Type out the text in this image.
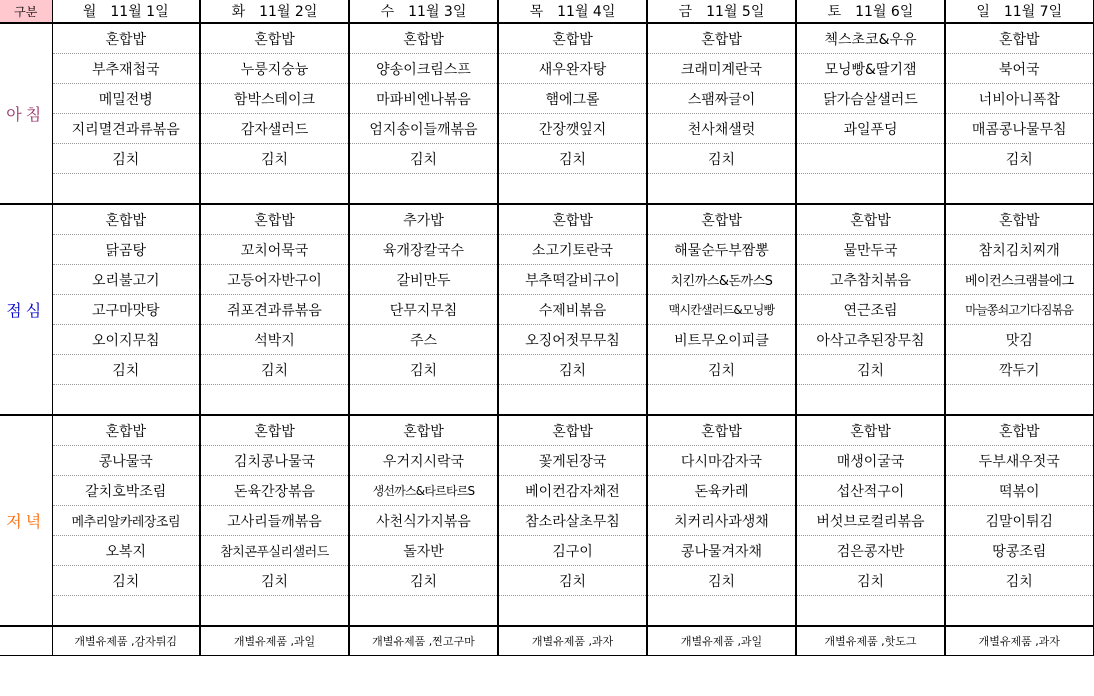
구분	월 11월 1일	화 11월 2일	수 11월 3일	목 11월 4일	금 11월 5일	토 11월 6일	일 11월 7일
아침	혼합밥	혼합밥	혼합밥	혼합밥	혼합밥	첵스초코&우유	혼합밥
	부추재첩국	누룽지숭늉	양송이크림스프	새우완자탕	크래미계란국	모닝빵&딸기잼	북어국
	메밀전병	함박스테이크	마파비엔나볶음	햄에그롤	스팸짜글이	닭가슴살샐러드	너비아니폭찹
	지리멸견과류볶음	감자샐러드	엄지송이들깨볶음	간장깻잎지	천사채샐럿	과일푸딩	매콤콩나물무침
	김치	김치	김치	김치	김치		김치

점심	혼합밥	혼합밥	추가밥	혼합밥	혼합밥	혼합밥	혼합밥
	닭곰탕	꼬치어묵국	육개장칼국수	소고기토란국	해물순두부짬뽕	물만두국	참치김치찌개
	오리불고기	고등어자반구이	갈비만두	부추떡갈비구이	치킨까스&돈까스S	고추참치볶음	베이컨스크램블에그
	고구마맛탕	쥐포견과류볶음	단무지무침	수제비볶음	맥시칸샐러드&모닝빵	연근조림	마늘쫑쇠고기다짐볶음
	오이지무침	석박지	주스	오징어젓무무침	비트무오이피클	아삭고추된장무침	맛김
	김치	김치	김치	김치	김치	김치	깍두기

저녁	혼합밥	혼합밥	혼합밥	혼합밥	혼합밥	혼합밥	혼합밥
	콩나물국	김치콩나물국	우거지시락국	꽃게된장국	다시마감자국	매생이굴국	두부새우젓국
	갈치호박조림	돈육간장볶음	생선까스&타르타르S	베이컨감자채전	돈육카레	섭산적구이	떡볶이
	메추리알카레장조림	고사리들깨볶음	사천식가지볶음	참소라살초무침	치커리사과생채	버섯브로컬리볶음	김말이튀김
	오복지	참치콘푸실리샐러드	돌자반	김구이	콩나물겨자채	검은콩자반	땅콩조림
	김치	김치	김치	김치	김치	김치	김치

	개별유제품 ,감자튀김	개별유제품 ,과일	개별유제품 ,찐고구마	개별유제품 ,과자	개별유제품 ,과일	개별유제품 ,핫도그	개별유제품 ,과자
